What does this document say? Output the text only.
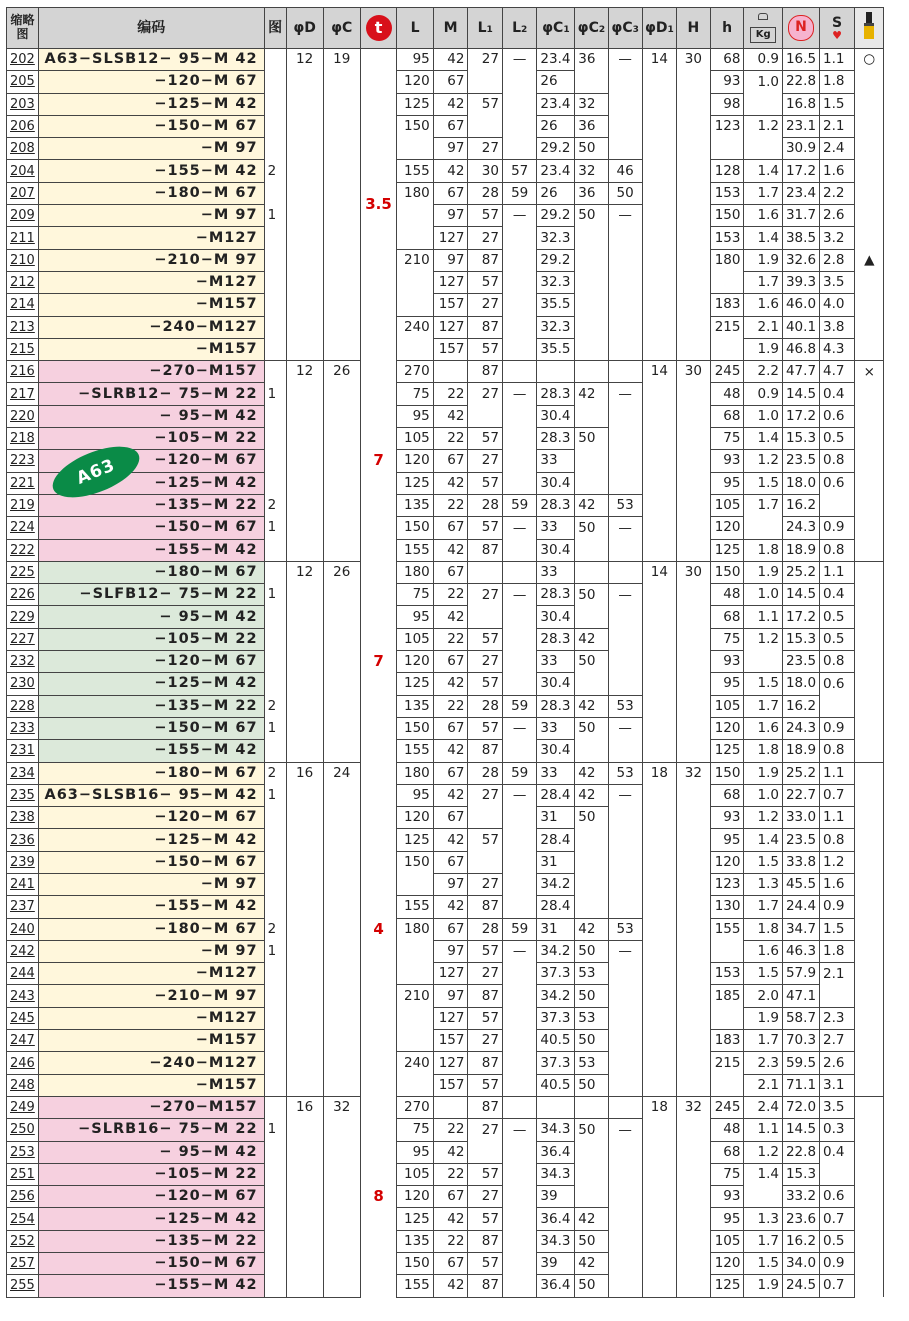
缩略图	编码	图	φD	φC	t	L	M	L1	L2	φC1	φC2	φC3	φD1	H	h	Kg	N	S
♥

202	A63−SLSB12− 95−M 42		12	19	3.5	95	42	27	—	23.4	36	—	14	30	68	0.9	16.5	1.1	○
205	−120−M 67					120	67			26					93	1.0	22.8	1.8	
203	−125−M 42					125	42	57		23.4	32				98		16.8	1.5	
206	−150−M 67					150	67			26	36				123	1.2	23.1	2.1	
208	−M 97						97	27		29.2	50						30.9	2.4	
204	−155−M 42	2				155	42	30	57	23.4	32	46			128	1.4	17.2	1.6	
207	−180−M 67					180	67	28	59	26	36	50			153	1.7	23.4	2.2	
209	−M 97	1					97	57	—	29.2	50	—			150	1.6	31.7	2.6	
211	−M127						127	27		32.3					153	1.4	38.5	3.2	
210	−210−M 97					210	97	87		29.2					180	1.9	32.6	2.8	▲
212	−M127						127	57		32.3						1.7	39.3	3.5	
214	−M157						157	27		35.5					183	1.6	46.0	4.0	
213	−240−M127					240	127	87		32.3					215	2.1	40.1	3.8	
215	−M157						157	57		35.5						1.9	46.8	4.3	
216	−270−M157		12	26	7	270		87					14	30	245	2.2	47.7	4.7	×
217	−SLRB12− 75−M 22	1				75	22	27	—	28.3	42	—			48	0.9	14.5	0.4	
220	− 95−M 42					95	42			30.4					68	1.0	17.2	0.6	
218	−105−M 22					105	22	57		28.3	50				75	1.4	15.3	0.5	
223	−120−M 67					120	67	27		33					93	1.2	23.5	0.8	
221	−125−M 42					125	42	57		30.4					95	1.5	18.0	0.6	
219	−135−M 22	2				135	22	28	59	28.3	42	53			105	1.7	16.2		
224	−150−M 67	1				150	67	57	—	33	50	—			120		24.3	0.9	
222	−155−M 42					155	42	87		30.4					125	1.8	18.9	0.8	
225	−180−M 67		12	26	7	180	67			33			14	30	150	1.9	25.2	1.1	
226	−SLFB12− 75−M 22	1				75	22	27	—	28.3	50	—			48	1.0	14.5	0.4	
229	− 95−M 42					95	42			30.4					68	1.1	17.2	0.5	
227	−105−M 22					105	22	57		28.3	42				75	1.2	15.3	0.5	
232	−120−M 67					120	67	27		33	50				93		23.5	0.8	
230	−125−M 42					125	42	57		30.4					95	1.5	18.0	0.6	
228	−135−M 22	2				135	22	28	59	28.3	42	53			105	1.7	16.2		
233	−150−M 67	1				150	67	57	—	33	50	—			120	1.6	24.3	0.9	
231	−155−M 42					155	42	87		30.4					125	1.8	18.9	0.8	
234	−180−M 67	2	16	24	4	180	67	28	59	33	42	53	18	32	150	1.9	25.2	1.1	
235	A63−SLSB16− 95−M 42	1				95	42	27	—	28.4	42	—			68	1.0	22.7	0.7	
238	−120−M 67					120	67			31	50				93	1.2	33.0	1.1	
236	−125−M 42					125	42	57		28.4					95	1.4	23.5	0.8	
239	−150−M 67					150	67			31					120	1.5	33.8	1.2	
241	−M 97						97	27		34.2					123	1.3	45.5	1.6	
237	−155−M 42					155	42	87		28.4					130	1.7	24.4	0.9	
240	−180−M 67	2				180	67	28	59	31	42	53			155	1.8	34.7	1.5	
242	−M 97	1					97	57	—	34.2	50	—				1.6	46.3	1.8	
244	−M127						127	27		37.3	53				153	1.5	57.9	2.1	
243	−210−M 97					210	97	87		34.2	50				185	2.0	47.1		
245	−M127						127	57		37.3	53					1.9	58.7	2.3	
247	−M157						157	27		40.5	50				183	1.7	70.3	2.7	
246	−240−M127					240	127	87		37.3	53				215	2.3	59.5	2.6	
248	−M157						157	57		40.5	50					2.1	71.1	3.1	
249	−270−M157		16	32	8	270		87					18	32	245	2.4	72.0	3.5	
250	−SLRB16− 75−M 22	1				75	22	27	—	34.3	50	—			48	1.1	14.5	0.3	
253	− 95−M 42					95	42			36.4					68	1.2	22.8	0.4	
251	−105−M 22					105	22	57		34.3					75	1.4	15.3		
256	−120−M 67					120	67	27		39					93		33.2	0.6	
254	−125−M 42					125	42	57		36.4	42				95	1.3	23.6	0.7	
252	−135−M 22					135	22	87		34.3	50				105	1.7	16.2	0.5	
257	−150−M 67					150	67	57		39	42				120	1.5	34.0	0.9	
255	−155−M 42					155	42	87		36.4	50				125	1.9	24.5	0.7	
A63
